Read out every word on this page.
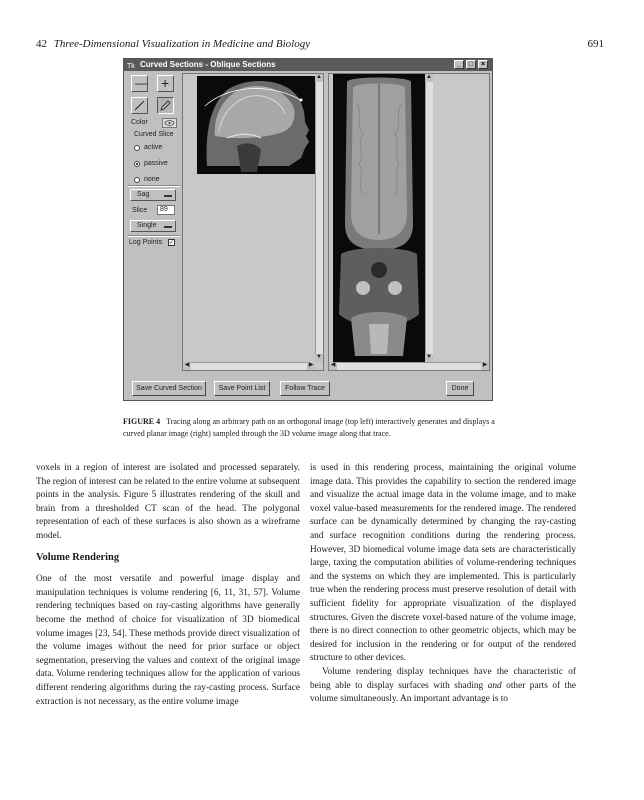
42 Three-Dimensional Visualization in Medicine and Biology	691
Tk Curved Sections - Oblique Sections	_	□	×
— +
Color
Curved Slice
active
passive
none
Sag
Slice	89
Single
Log Points ✓
▲
▼
◀	▶
▲
▼
◀	▶
Save Curved Section	Save Point List	Follow Trace	Done
FIGURE 4 Tracing along an arbitrary path on an orthogonal image (top left) interactively generates and displays a curved planar image (right) sampled through the 3D volume image along that trace.

voxels in a region of interest are isolated and processed separately. The region of interest can be related to the entire volume at subsequent points in the analysis. Figure 5 illustrates rendering of the skull and brain from a thresholded CT scan of the head. The polygonal representation of each of these surfaces is also shown as a wireframe model.

Volume Rendering

One of the most versatile and powerful image display and manipulation techniques is volume rendering [6, 11, 31, 57]. Volume rendering techniques based on ray-casting algorithms have generally become the method of choice for visualization of 3D biomedical volume images [23, 54]. These methods provide direct visualization of the volume images without the need for prior surface or object segmentation, preserving the values and context of the original image data. Volume rendering techniques allow for the application of various different rendering algorithms during the ray-casting process. Surface extraction is not necessary, as the entire volume image

is used in this rendering process, maintaining the original volume image data. This provides the capability to section the rendered image and visualize the actual image data in the volume image, and to make voxel value-based measurements for the rendered image. The rendered surface can be dynamically determined by changing the ray-casting and surface recognition conditions during the rendering process. However, 3D biomedical volume image data sets are characteristically large, taxing the computation abilities of volume-rendering techniques and the systems on which they are implemented. This is particularly true when the rendering process must preserve resolution of detail with sufficient fidelity for appropriate visualization of the displayed structures. Given the discrete voxel-based nature of the volume image, there is no direct connection to other geometric objects, which may be desired for inclusion in the rendering or for output of the rendered structure to other devices.

Volume rendering display techniques have the characteristic of being able to display surfaces with shading and other parts of the volume simultaneously. An important advantage is to
